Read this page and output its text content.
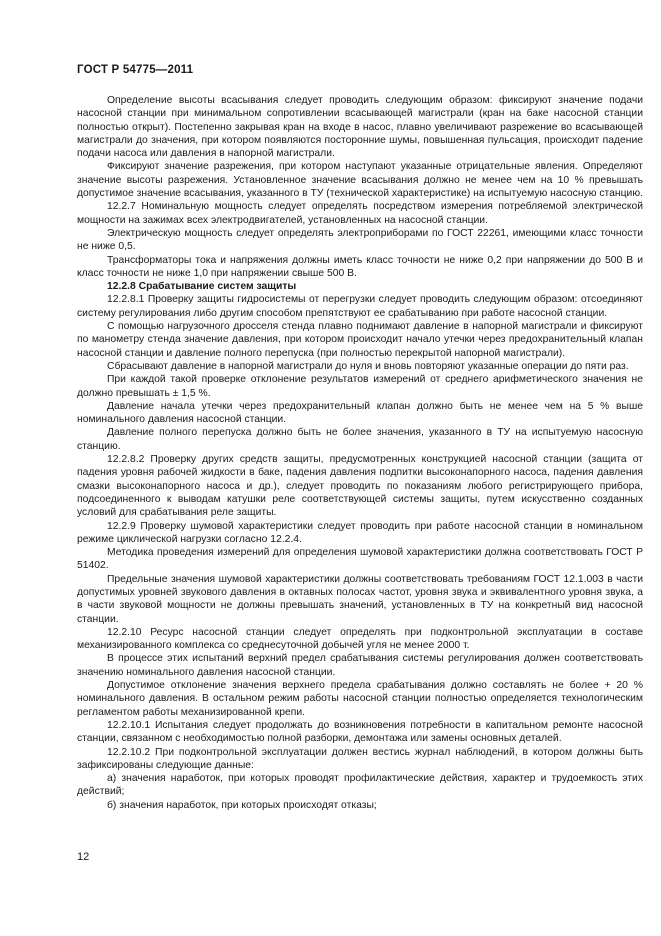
ГОСТ Р 54775—2011

Определение высоты всасывания следует проводить следующим образом: фиксируют значение подачи насосной станции при минимальном сопротивлении всасывающей магистрали (кран на баке насосной станции полностью открыт). Постепенно закрывая кран на входе в насос, плавно увеличивают разрежение во всасывающей магистрали до значения, при котором появляются посторонние шумы, повышенная пульсация, происходит падение подачи насоса или давления в напорной магистрали.

Фиксируют значение разрежения, при котором наступают указанные отрицательные явления. Определяют значение высоты разрежения. Установленное значение всасывания должно не менее чем на 10 % превышать допустимое значение всасывания, указанного в ТУ (технической характеристике) на испытуемую насосную станцию.

12.2.7 Номинальную мощность следует определять посредством измерения потребляемой электрической мощности на зажимах всех электродвигателей, установленных на насосной станции.

Электрическую мощность следует определять электроприборами по ГОСТ 22261, имеющими класс точности не ниже 0,5.

Трансформаторы тока и напряжения должны иметь класс точности не ниже 0,2 при напряжении до 500 В и класс точности не ниже 1,0 при напряжении свыше 500 В.

12.2.8 Срабатывание систем защиты

12.2.8.1 Проверку защиты гидросистемы от перегрузки следует проводить следующим образом: отсоединяют систему регулирования либо другим способом препятствуют ее срабатыванию при работе насосной станции.

С помощью нагрузочного дросселя стенда плавно поднимают давление в напорной магистрали и фиксируют по манометру стенда значение давления, при котором происходит начало утечки через предохранительный клапан насосной станции и давление полного перепуска (при полностью перекрытой напорной магистрали).

Сбрасывают давление в напорной магистрали до нуля и вновь повторяют указанные операции до пяти раз.

При каждой такой проверке отклонение результатов измерений от среднего арифметического значения не должно превышать ± 1,5 %.

Давление начала утечки через предохранительный клапан должно быть не менее чем на 5 % выше номинального давления насосной станции.

Давление полного перепуска должно быть не более значения, указанного в ТУ на испытуемую насосную станцию.

12.2.8.2 Проверку других средств защиты, предусмотренных конструкцией насосной станции (защита от падения уровня рабочей жидкости в баке, падения давления подпитки высоконапорного насоса, падения давления смазки высоконапорного насоса и др.), следует проводить по показаниям любого регистрирующего прибора, подсоединенного к выводам катушки реле соответствующей системы защиты, путем искусственно созданных условий для срабатывания реле защиты.

12.2.9 Проверку шумовой характеристики следует проводить при работе насосной станции в номинальном режиме циклической нагрузки согласно 12.2.4.

Методика проведения измерений для определения шумовой характеристики должна соответствовать ГОСТ Р 51402.

Предельные значения шумовой характеристики должны соответствовать требованиям ГОСТ 12.1.003 в части допустимых уровней звукового давления в октавных полосах частот, уровня звука и эквивалентного уровня звука, а в части звуковой мощности не должны превышать значений, установленных в ТУ на конкретный вид насосной станции.

12.2.10 Ресурс насосной станции следует определять при подконтрольной эксплуатации в составе механизированного комплекса со среднесуточной добычей угля не менее 2000 т.

В процессе этих испытаний верхний предел срабатывания системы регулирования должен соответствовать значению номинального давления насосной станции.

Допустимое отклонение значения верхнего предела срабатывания должно составлять не более + 20 % номинального давления. В остальном режим работы насосной станции полностью определяется технологическим регламентом работы механизированной крепи.

12.2.10.1 Испытания следует продолжать до возникновения потребности в капитальном ремонте насосной станции, связанном с необходимостью полной разборки, демонтажа или замены основных деталей.

12.2.10.2 При подконтрольной эксплуатации должен вестись журнал наблюдений, в котором должны быть зафиксированы следующие данные:

а) значения наработок, при которых проводят профилактические действия, характер и трудоемкость этих действий;

б) значения наработок, при которых происходят отказы;

12
